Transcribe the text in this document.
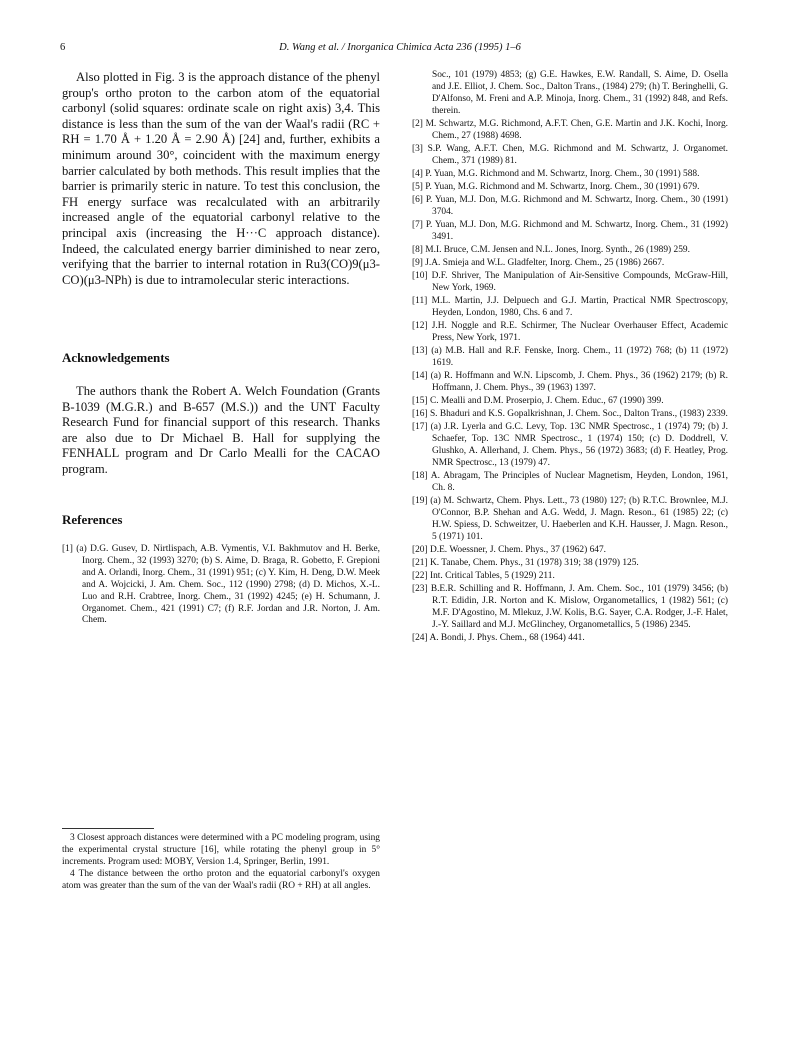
6	D. Wang et al. / Inorganica Chimica Acta 236 (1995) 1–6

Also plotted in Fig. 3 is the approach distance of the phenyl group's ortho proton to the carbon atom of the equatorial carbonyl (solid squares: ordinate scale on right axis) 3,4. This distance is less than the sum of the van der Waal's radii (RC + RH = 1.70 Å + 1.20 Å = 2.90 Å) [24] and, further, exhibits a minimum around 30°, coincident with the maximum energy barrier calculated by both methods. This result implies that the barrier is primarily steric in nature. To test this conclusion, the FH energy surface was recalculated with an arbitrarily increased angle of the equatorial carbonyl relative to the principal axis (increasing the H···C approach distance). Indeed, the calculated energy barrier diminished to near zero, verifying that the barrier to internal rotation in Ru3(CO)9(μ3-CO)(μ3-NPh) is due to intramolecular steric interactions.

Acknowledgements

The authors thank the Robert A. Welch Foundation (Grants B-1039 (M.G.R.) and B-657 (M.S.)) and the UNT Faculty Research Fund for financial support of this research. Thanks are also due to Dr Michael B. Hall for supplying the FENHALL program and Dr Carlo Mealli for the CACAO program.

References
[1] (a) D.G. Gusev, D. Nirtlispach, A.B. Vymentis, V.I. Bakhmutov and H. Berke, Inorg. Chem., 32 (1993) 3270; (b) S. Aime, D. Braga, R. Gobetto, F. Grepioni and A. Orlandi, Inorg. Chem., 31 (1991) 951; (c) Y. Kim, H. Deng, D.W. Meek and A. Wojcicki, J. Am. Chem. Soc., 112 (1990) 2798; (d) D. Michos, X.-L. Luo and R.H. Crabtree, Inorg. Chem., 31 (1992) 4245; (e) H. Schumann, J. Organomet. Chem., 421 (1991) C7; (f) R.F. Jordan and J.R. Norton, J. Am. Chem.

3 Closest approach distances were determined with a PC modeling program, using the experimental crystal structure [16], while rotating the phenyl group in 5° increments. Program used: MOBY, Version 1.4, Springer, Berlin, 1991.

4 The distance between the ortho proton and the equatorial carbonyl's oxygen atom was greater than the sum of the van der Waal's radii (RO + RH) at all angles.

Soc., 101 (1979) 4853; (g) G.E. Hawkes, E.W. Randall, S. Aime, D. Osella and J.E. Elliot, J. Chem. Soc., Dalton Trans., (1984) 279; (h) T. Beringhelli, G. D'Alfonso, M. Freni and A.P. Minoja, Inorg. Chem., 31 (1992) 848, and Refs. therein.
[2] M. Schwartz, M.G. Richmond, A.F.T. Chen, G.E. Martin and J.K. Kochi, Inorg. Chem., 27 (1988) 4698.
[3] S.P. Wang, A.F.T. Chen, M.G. Richmond and M. Schwartz, J. Organomet. Chem., 371 (1989) 81.
[4] P. Yuan, M.G. Richmond and M. Schwartz, Inorg. Chem., 30 (1991) 588.
[5] P. Yuan, M.G. Richmond and M. Schwartz, Inorg. Chem., 30 (1991) 679.
[6] P. Yuan, M.J. Don, M.G. Richmond and M. Schwartz, Inorg. Chem., 30 (1991) 3704.
[7] P. Yuan, M.J. Don, M.G. Richmond and M. Schwartz, Inorg. Chem., 31 (1992) 3491.
[8] M.I. Bruce, C.M. Jensen and N.L. Jones, Inorg. Synth., 26 (1989) 259.
[9] J.A. Smieja and W.L. Gladfelter, Inorg. Chem., 25 (1986) 2667.
[10] D.F. Shriver, The Manipulation of Air-Sensitive Compounds, McGraw-Hill, New York, 1969.
[11] M.L. Martin, J.J. Delpuech and G.J. Martin, Practical NMR Spectroscopy, Heyden, London, 1980, Chs. 6 and 7.
[12] J.H. Noggle and R.E. Schirmer, The Nuclear Overhauser Effect, Academic Press, New York, 1971.
[13] (a) M.B. Hall and R.F. Fenske, Inorg. Chem., 11 (1972) 768; (b) 11 (1972) 1619.
[14] (a) R. Hoffmann and W.N. Lipscomb, J. Chem. Phys., 36 (1962) 2179; (b) R. Hoffmann, J. Chem. Phys., 39 (1963) 1397.
[15] C. Mealli and D.M. Proserpio, J. Chem. Educ., 67 (1990) 399.
[16] S. Bhaduri and K.S. Gopalkrishnan, J. Chem. Soc., Dalton Trans., (1983) 2339.
[17] (a) J.R. Lyerla and G.C. Levy, Top. 13C NMR Spectrosc., 1 (1974) 79; (b) J. Schaefer, Top. 13C NMR Spectrosc., 1 (1974) 150; (c) D. Doddrell, V. Glushko, A. Allerhand, J. Chem. Phys., 56 (1972) 3683; (d) F. Heatley, Prog. NMR Spectrosc., 13 (1979) 47.
[18] A. Abragam, The Principles of Nuclear Magnetism, Heyden, London, 1961, Ch. 8.
[19] (a) M. Schwartz, Chem. Phys. Lett., 73 (1980) 127; (b) R.T.C. Brownlee, M.J. O'Connor, B.P. Shehan and A.G. Wedd, J. Magn. Reson., 61 (1985) 22; (c) H.W. Spiess, D. Schweitzer, U. Haeberlen and K.H. Hausser, J. Magn. Reson., 5 (1971) 101.
[20] D.E. Woessner, J. Chem. Phys., 37 (1962) 647.
[21] K. Tanabe, Chem. Phys., 31 (1978) 319; 38 (1979) 125.
[22] Int. Critical Tables, 5 (1929) 211.
[23] B.E.R. Schilling and R. Hoffmann, J. Am. Chem. Soc., 101 (1979) 3456; (b) R.T. Edidin, J.R. Norton and K. Mislow, Organometallics, 1 (1982) 561; (c) M.F. D'Agostino, M. Mlekuz, J.W. Kolis, B.G. Sayer, C.A. Rodger, J.-F. Halet, J.-Y. Saillard and M.J. McGlinchey, Organometallics, 5 (1986) 2345.
[24] A. Bondi, J. Phys. Chem., 68 (1964) 441.
